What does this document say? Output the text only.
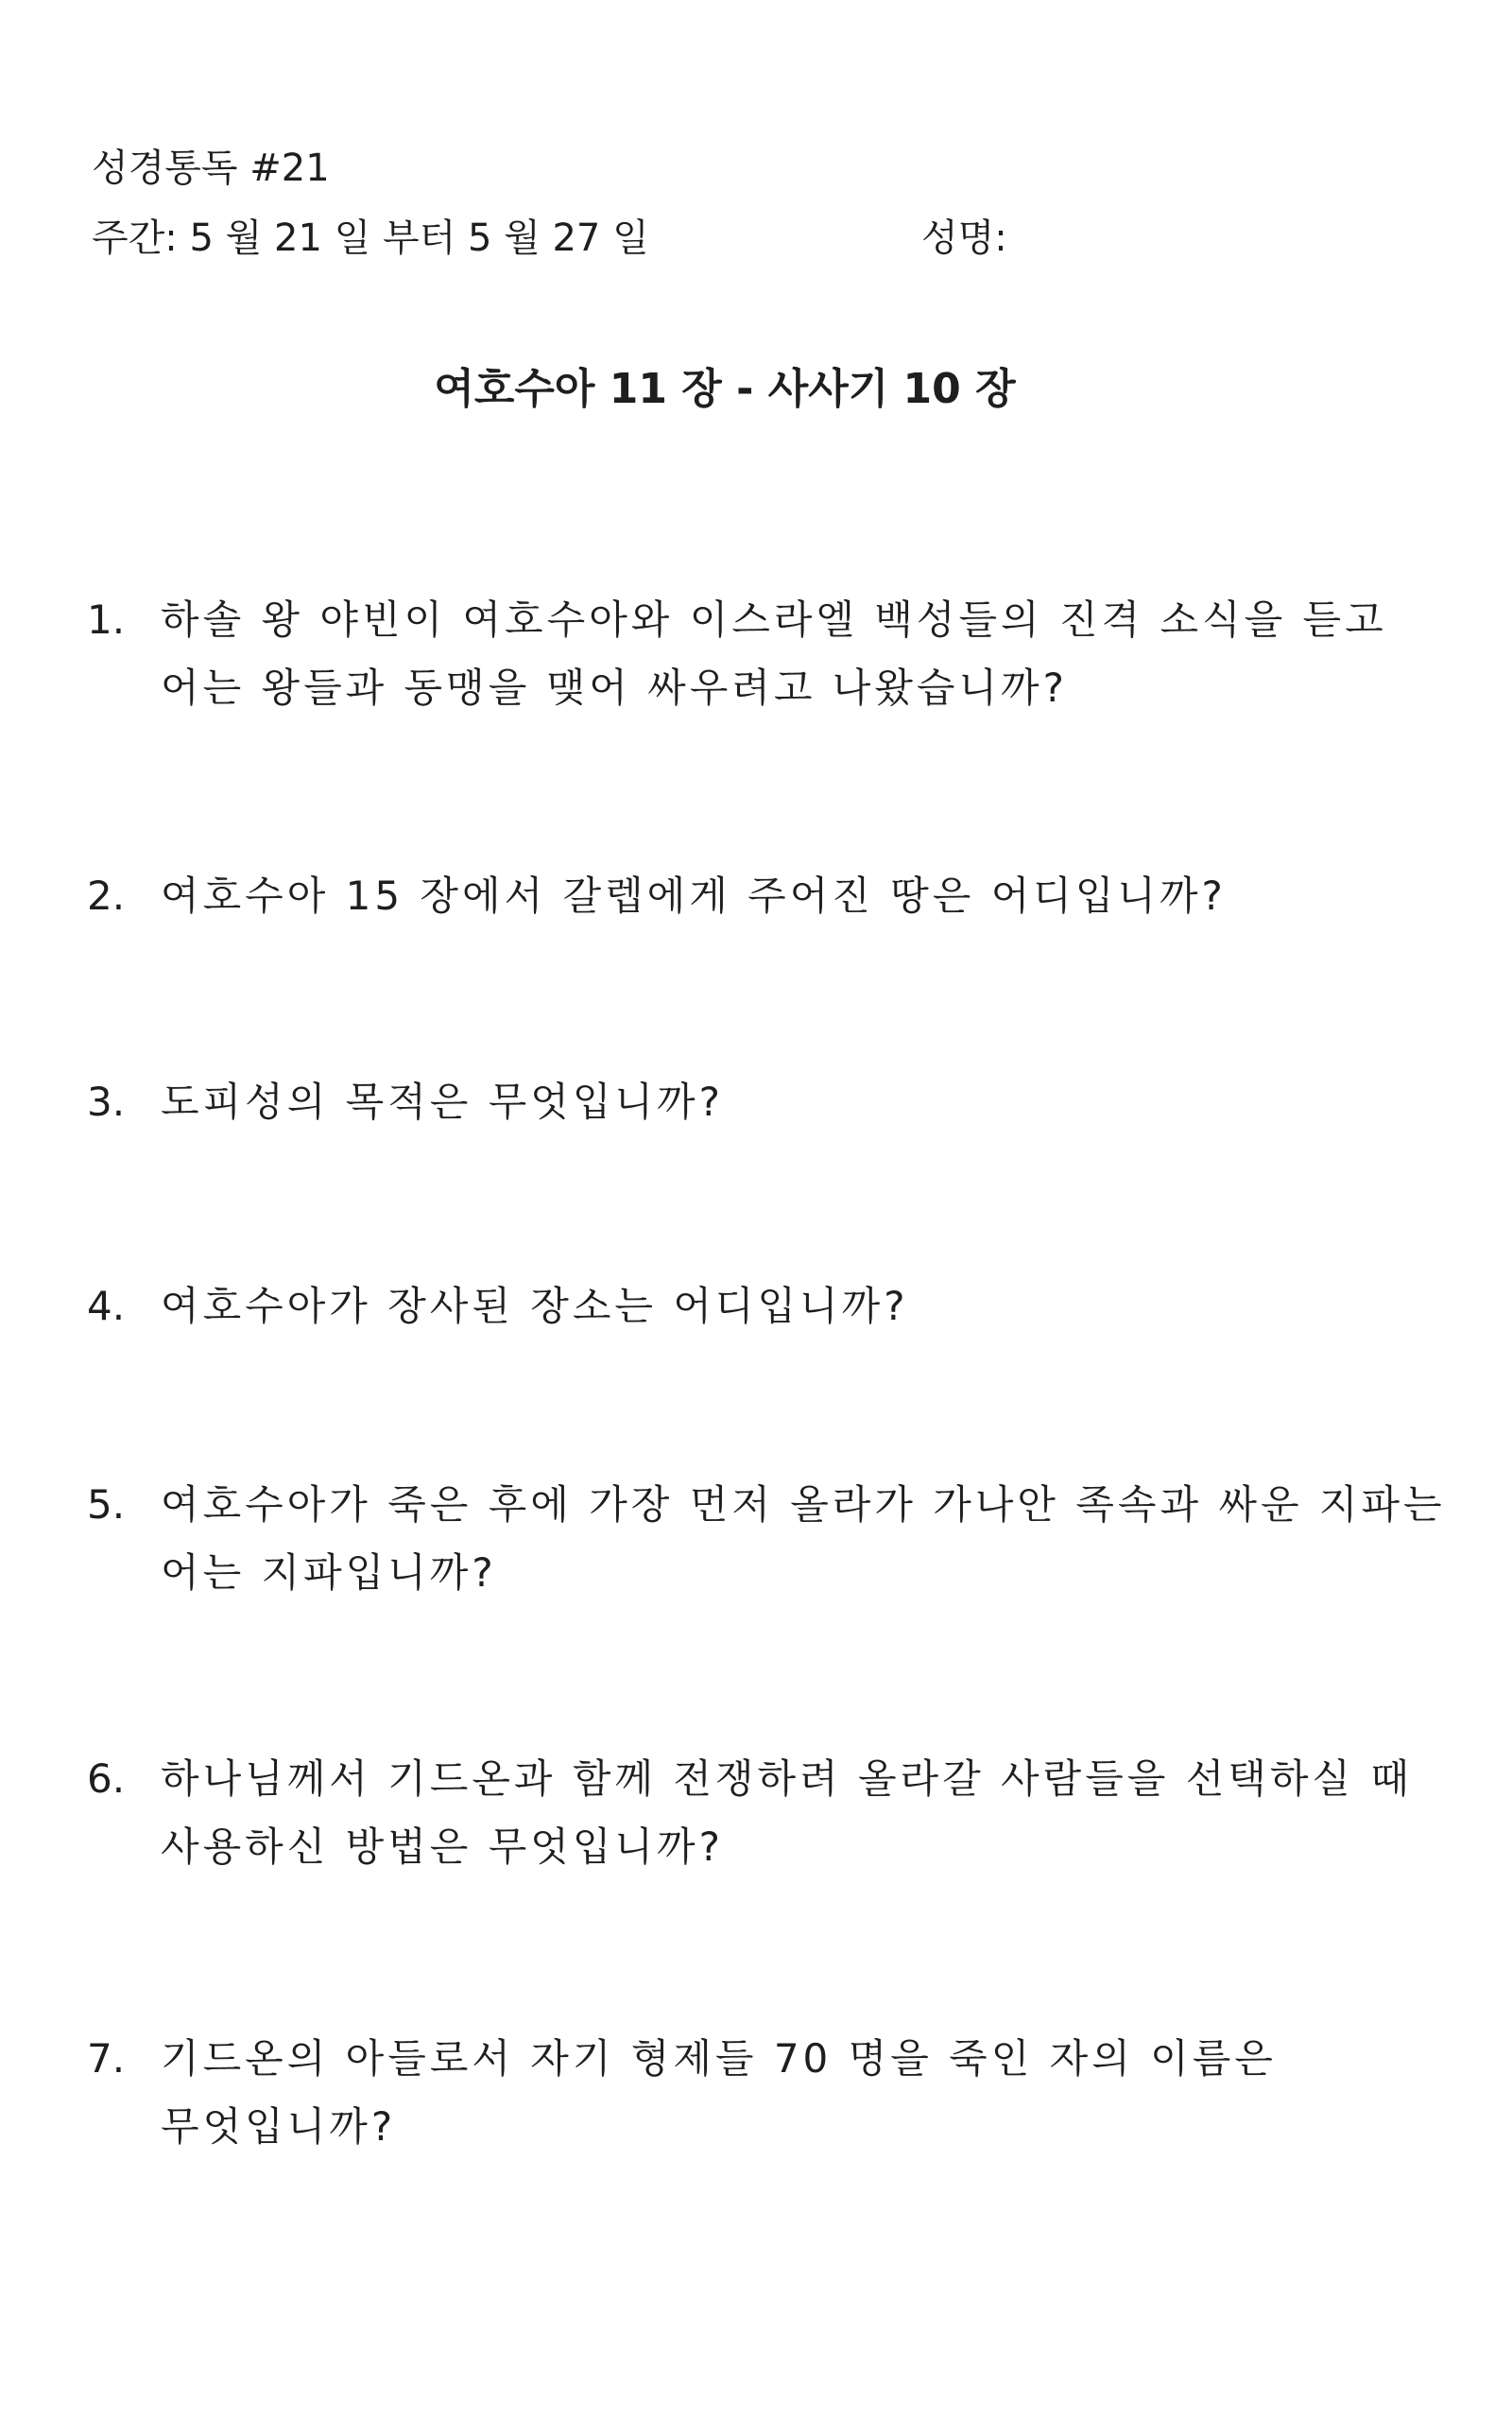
성경통독 #21
주간: 5 월 21 일 부터 5 월 27 일	성명:
여호수아 11 장 - 사사기 10 장
1. 하솔 왕 야빈이 여호수아와 이스라엘 백성들의 진격 소식을 듣고
어는 왕들과 동맹을 맺어 싸우려고 나왔습니까?
2. 여호수아 15 장에서 갈렙에게 주어진 땅은 어디입니까?
3. 도피성의 목적은 무엇입니까?
4. 여호수아가 장사된 장소는 어디입니까?
5. 여호수아가 죽은 후에 가장 먼저 올라가 가나안 족속과 싸운 지파는
어는 지파입니까?
6. 하나님께서 기드온과 함께 전쟁하려 올라갈 사람들을 선택하실 때
사용하신 방법은 무엇입니까?
7. 기드온의 아들로서 자기 형제들 70 명을 죽인 자의 이름은
무엇입니까?
